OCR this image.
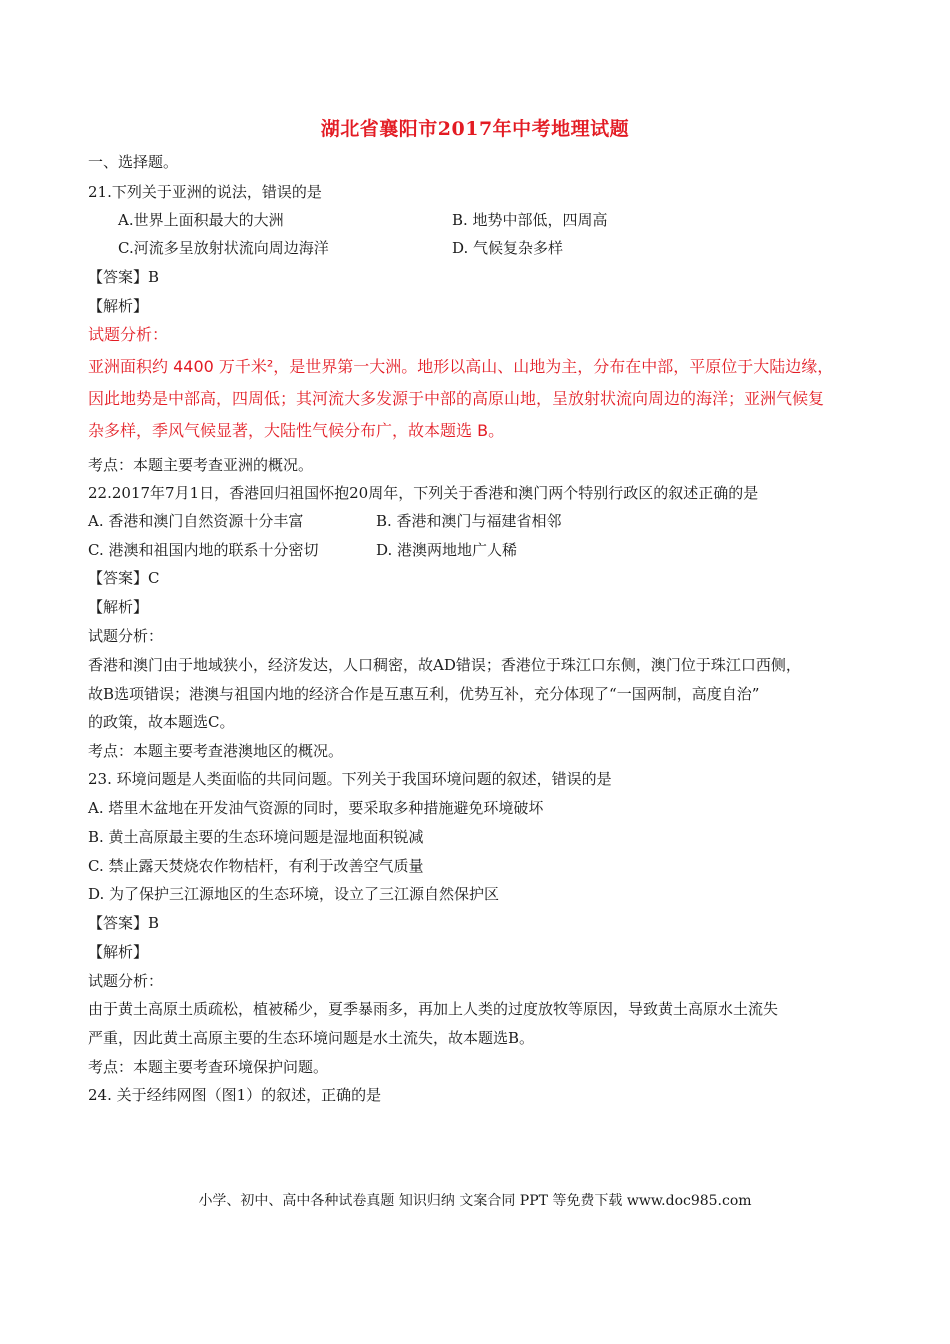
湖北省襄阳市2017年中考地理试题
一、选择题。
21.下列关于亚洲的说法，错误的是
A.世界上面积最大的大洲	B. 地势中部低，四周高
C.河流多呈放射状流向周边海洋	D. 气候复杂多样
【答案】B
【解析】
试题分析：
亚洲面积约 4400 万千米²，是世界第一大洲。地形以高山、山地为主，分布在中部，平原位于大陆边缘，
因此地势是中部高，四周低；其河流大多发源于中部的高原山地，呈放射状流向周边的海洋；亚洲气候复
杂多样，季风气候显著，大陆性气候分布广，故本题选 B。
考点：本题主要考查亚洲的概况。
22.2017年7月1日，香港回归祖国怀抱20周年，下列关于香港和澳门两个特别行政区的叙述正确的是
A. 香港和澳门自然资源十分丰富	B. 香港和澳门与福建省相邻
C. 港澳和祖国内地的联系十分密切	D. 港澳两地地广人稀
【答案】C
【解析】
试题分析：
香港和澳门由于地域狭小，经济发达，人口稠密，故AD错误；香港位于珠江口东侧，澳门位于珠江口西侧，
故B选项错误；港澳与祖国内地的经济合作是互惠互利，优势互补，充分体现了“一国两制，高度自治”
的政策，故本题选C。
考点：本题主要考查港澳地区的概况。
23. 环境问题是人类面临的共同问题。下列关于我国环境问题的叙述，错误的是
A. 塔里木盆地在开发油气资源的同时，要采取多种措施避免环境破坏
B. 黄土高原最主要的生态环境问题是湿地面积锐减
C. 禁止露天焚烧农作物桔杆，有利于改善空气质量
D. 为了保护三江源地区的生态环境，设立了三江源自然保护区
【答案】B
【解析】
试题分析：
由于黄土高原土质疏松，植被稀少，夏季暴雨多，再加上人类的过度放牧等原因，导致黄土高原水土流失
严重，因此黄土高原主要的生态环境问题是水土流失，故本题选B。
考点：本题主要考查环境保护问题。
24. 关于经纬网图（图1）的叙述，正确的是
小学、初中、高中各种试卷真题 知识归纳 文案合同 PPT 等免费下载 www.doc985.com
